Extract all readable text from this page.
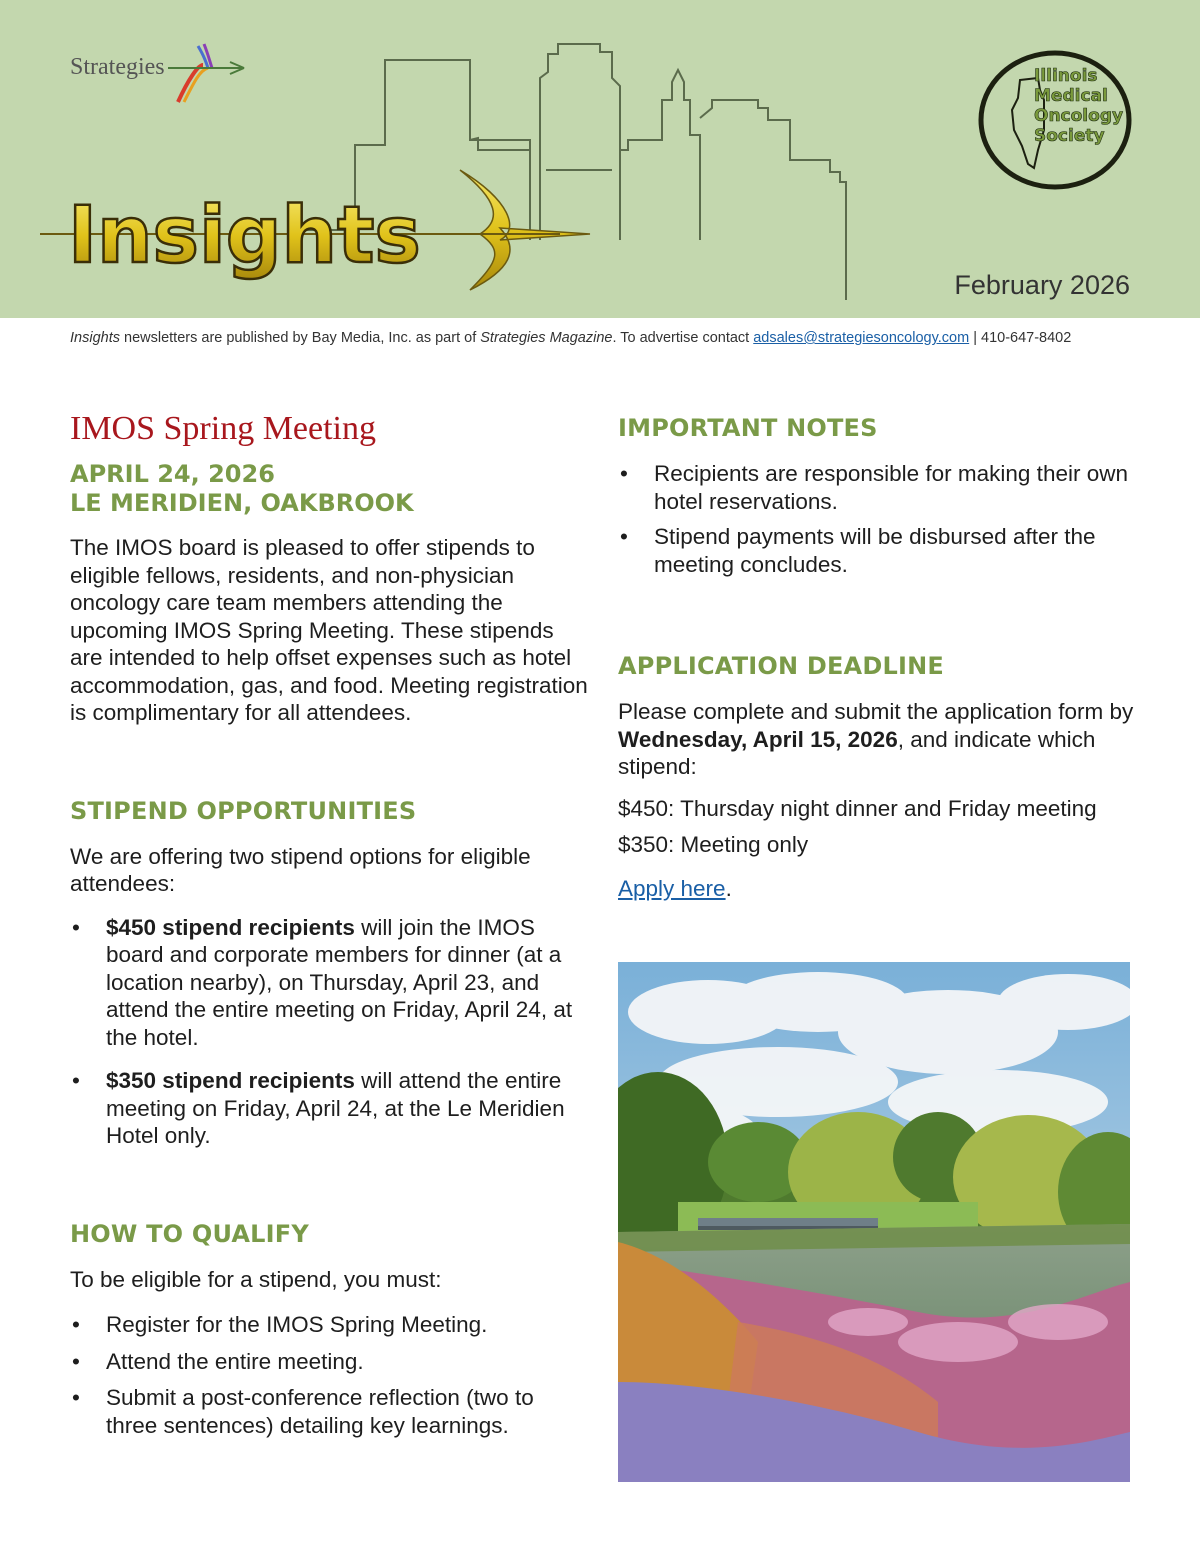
Strategies
Insights
Illinois
Medical
Oncology
Society
February 2026
Insights newsletters are published by Bay Media, Inc. as part of Strategies Magazine. To advertise contact adsales@strategiesoncology.com | 410-647-8402
IMOS Spring Meeting
APRIL 24, 2026
LE MERIDIEN, OAKBROOK

The IMOS board is pleased to offer stipends to eligible fellows, residents, and non-physician oncology care team members attending the upcoming IMOS Spring Meeting. These stipends are intended to help offset expenses such as hotel accommodation, gas, and food. Meeting registration is complimentary for all attendees.

STIPEND OPPORTUNITIES

We are offering two stipend options for eligible attendees:

• $450 stipend recipients will join the IMOS board and corporate members for dinner (at a location nearby), on Thursday, April 23, and attend the entire meeting on Friday, April 24, at the hotel.
• $350 stipend recipients will attend the entire meeting on Friday, April 24, at the Le Meridien Hotel only.
HOW TO QUALIFY

To be eligible for a stipend, you must:

• Register for the IMOS Spring Meeting.
• Attend the entire meeting.
• Submit a post-conference reflection (two to three sentences) detailing key learnings.
IMPORTANT NOTES
• Recipients are responsible for making their own hotel reservations.
• Stipend payments will be disbursed after the meeting concludes.
APPLICATION DEADLINE

Please complete and submit the application form by Wednesday, April 15, 2026, and indicate which stipend:

$450: Thursday night dinner and Friday meeting

$350: Meeting only

Apply here.
